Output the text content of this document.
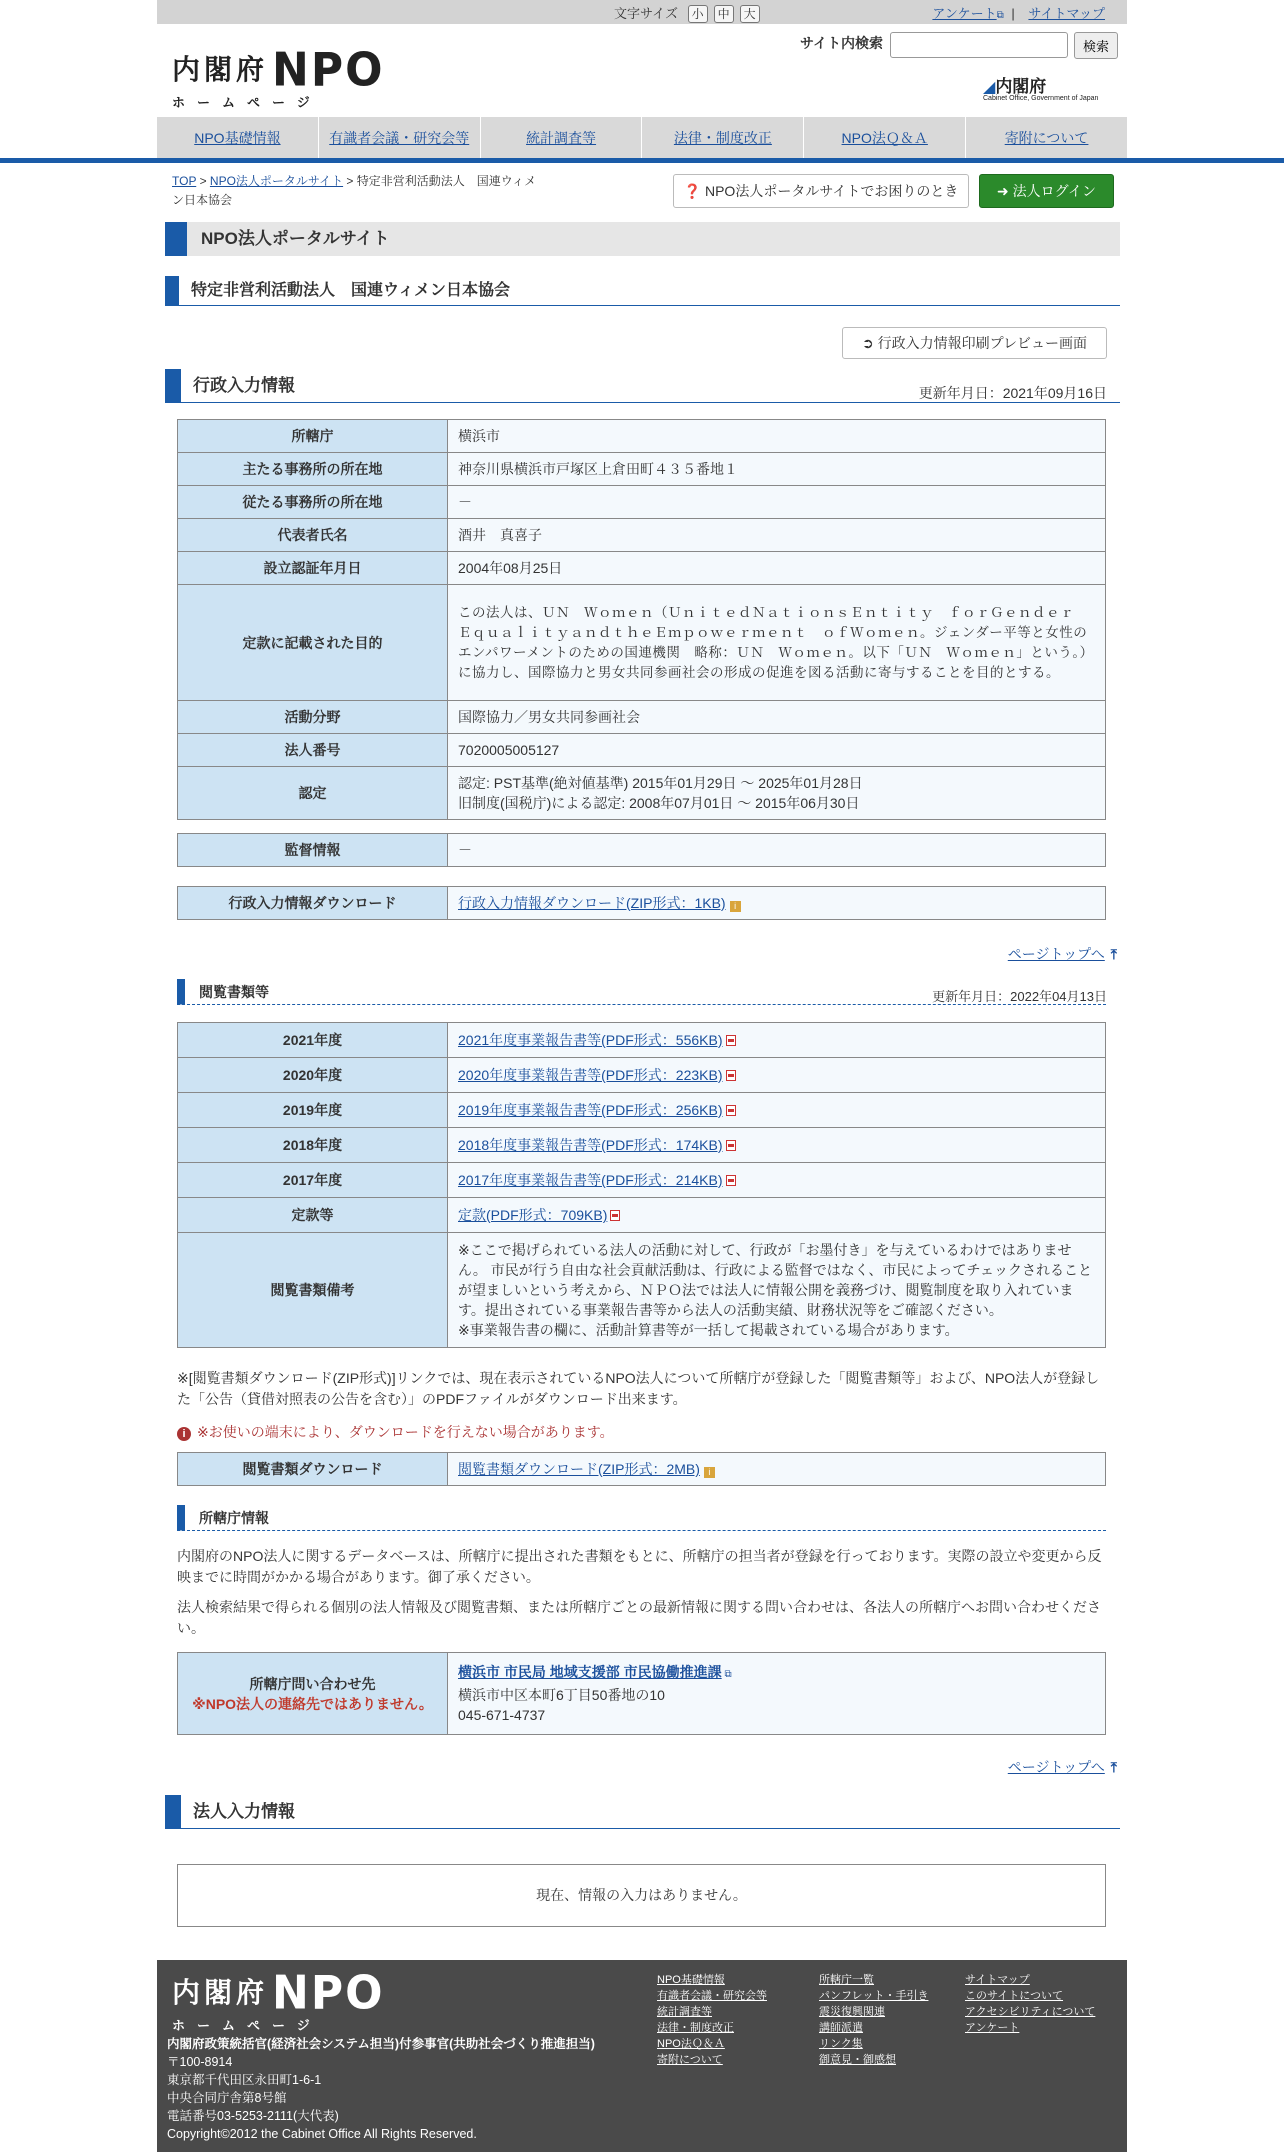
文字サイズ 小 中 大	アンケート⧉ | サイトマップ
内閣府NPO
ホームページ
サイト内検索	検索
◢内閣府
Cabinet Office, Government of Japan
NPO基礎情報	有識者会議・研究会等	統計調査等	法律・制度改正	NPO法Ｑ＆Ａ	寄附について
TOP > NPO法人ポータルサイト > 特定非営利活動法人　国連ウィメン日本協会
❓ NPO法人ポータルサイトでお困りのとき	➜ 法人ログイン
NPO法人ポータルサイト
特定非営利活動法人　国連ウィメン日本協会
➲ 行政入力情報印刷プレビュー画面
行政入力情報	更新年月日：2021年09月16日
所轄庁	横浜市
主たる事務所の所在地	神奈川県横浜市戸塚区上倉田町４３５番地１
従たる事務所の所在地	－
代表者氏名	酒井　真喜子
設立認証年月日	2004年08月25日
定款に記載された目的	この法人は、ＵＮ　Ｗｏｍｅｎ（ＵｎｉｔｅｄＮａｔｉｏｎｓＥｎｔｉｔｙ　ｆｏｒＧｅｎｄｅｒ　ＥｑｕａｌｉｔｙａｎｄｔｈｅＥｍｐｏｗｅｒｍｅｎｔ　ｏｆＷｏｍｅｎ。ジェンダー平等と女性のエンパワーメントのための国連機関　略称：ＵＮ　Ｗｏｍｅｎ。以下「ＵＮ　Ｗｏｍｅｎ」という。）に協力し、国際協力と男女共同参画社会の形成の促進を図る活動に寄与することを目的とする。
活動分野	国際協力／男女共同参画社会
法人番号	7020005005127
認定	認定: PST基準(絶対値基準) 2015年01月29日 ～ 2025年01月28日
旧制度(国税庁)による認定: 2008年07月01日 ～ 2015年06月30日
監督情報	－
行政入力情報ダウンロード	行政入力情報ダウンロード(ZIP形式：1KB) i
ページトップへ ⤒
閲覧書類等	更新年月日：2022年04月13日
2021年度	2021年度事業報告書等(PDF形式：556KB)
2020年度	2020年度事業報告書等(PDF形式：223KB)
2019年度	2019年度事業報告書等(PDF形式：256KB)
2018年度	2018年度事業報告書等(PDF形式：174KB)
2017年度	2017年度事業報告書等(PDF形式：214KB)
定款等	定款(PDF形式：709KB)
閲覧書類備考	※ここで掲げられている法人の活動に対して、行政が「お墨付き」を与えているわけではありません。 市民が行う自由な社会貢献活動は、行政による監督ではなく、市民によってチェックされることが望ましいという考えから、ＮＰＯ法では法人に情報公開を義務づけ、閲覧制度を取り入れています。提出されている事業報告書等から法人の活動実績、財務状況等をご確認ください。
※事業報告書の欄に、活動計算書等が一括して掲載されている場合があります。
※[閲覧書類ダウンロード(ZIP形式)]リンクでは、現在表示されているNPO法人について所轄庁が登録した「閲覧書類等」および、NPO法人が登録した「公告（貸借対照表の公告を含む）」のPDFファイルがダウンロード出来ます。
i ※お使いの端末により、ダウンロードを行えない場合があります。
閲覧書類ダウンロード	閲覧書類ダウンロード(ZIP形式：2MB) i
所轄庁情報
内閣府のNPO法人に関するデータベースは、所轄庁に提出された書類をもとに、所轄庁の担当者が登録を行っております。実際の設立や変更から反映までに時間がかかる場合があります。御了承ください。
法人検索結果で得られる個別の法人情報及び閲覧書類、または所轄庁ごとの最新情報に関する問い合わせは、各法人の所轄庁へお問い合わせください。
所轄庁問い合わせ先
※NPO法人の連絡先ではありません。
	横浜市 市民局 地域支援部 市民協働推進課 ⧉
横浜市中区本町6丁目50番地の10
045-671-4737
ページトップへ ⤒
法人入力情報
現在、情報の入力はありません。
内閣府NPO
ホームページ
内閣府政策統括官(経済社会システム担当)付参事官(共助社会づくり推進担当)
〒100-8914
東京都千代田区永田町1-6-1
中央合同庁舎第8号館
電話番号03-5253-2111(大代表)
Copyright©2012 the Cabinet Office All Rights Reserved.
NPO基礎情報
有識者会議・研究会等
統計調査等
法律・制度改正
NPO法Ｑ＆Ａ
寄附について
所轄庁一覧
パンフレット・手引き
震災復興関連
講師派遣
リンク集
御意見・御感想
サイトマップ
このサイトについて
アクセシビリティについて
アンケート
